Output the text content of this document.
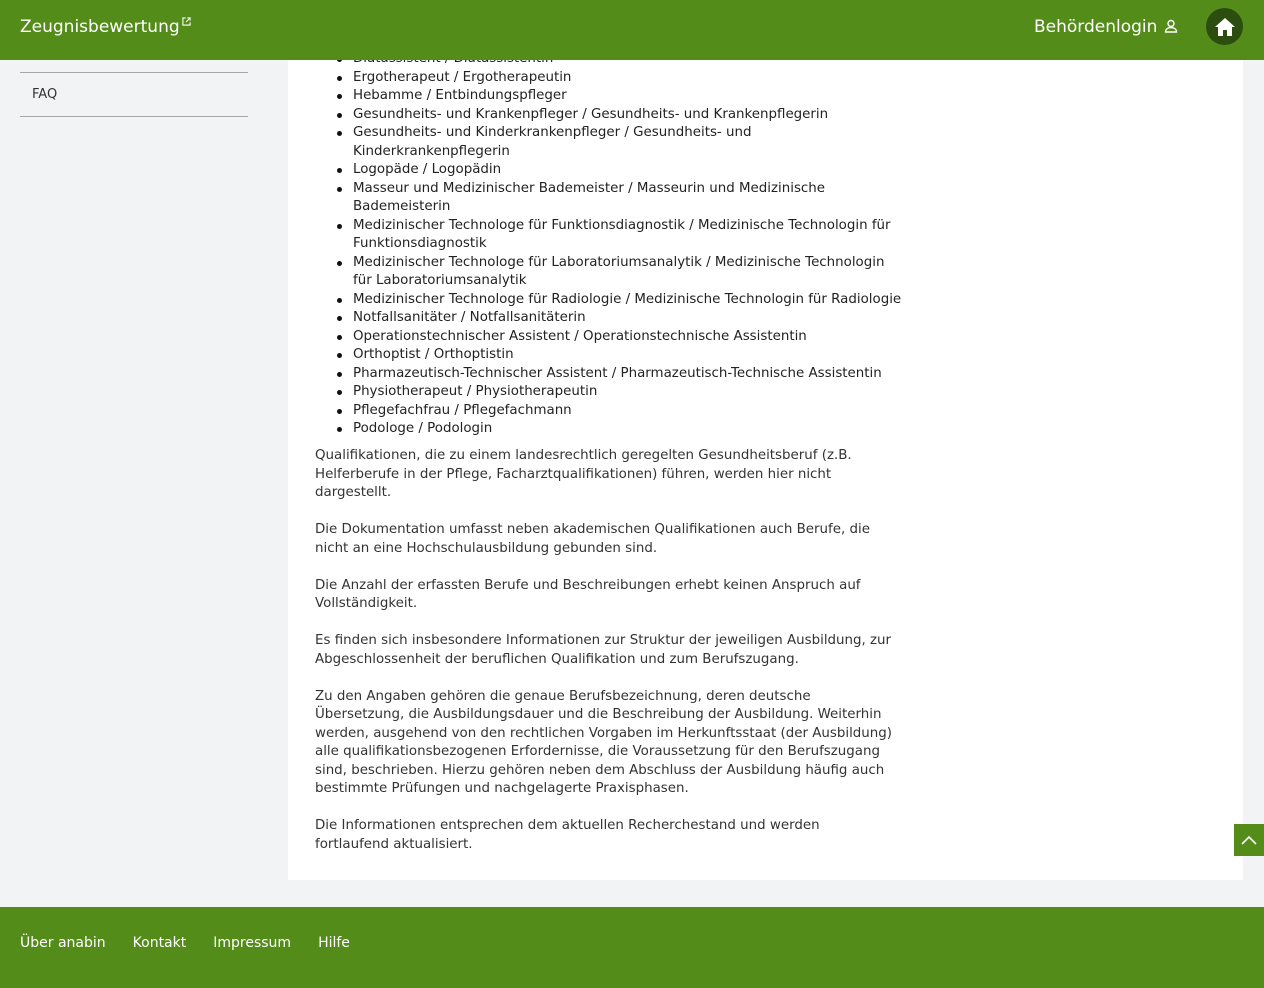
Ergotherapeut / Ergotherapeutin
Hebamme / Entbindungspfleger
Gesundheits- und Krankenpfleger / Gesundheits- und Krankenpflegerin
Gesundheits- und Kinderkrankenpfleger / Gesundheits- und Kinderkrankenpflegerin
Logopäde / Logopädin
Masseur und Medizinischer Bademeister / Masseurin und Medizinische Bademeisterin
Medizinischer Technologe für Funktionsdiagnostik / Medizinische Technologin für Funktionsdiagnostik
Medizinischer Technologe für Laboratoriumsanalytik / Medizinische Technologin für Laboratoriumsanalytik
Medizinischer Technologe für Radiologie / Medizinische Technologin für Radiologie
Notfallsanitäter / Notfallsanitäterin
Operationstechnischer Assistent / Operationstechnische Assistentin
Orthoptist / Orthoptistin
Pharmazeutisch-Technischer Assistent / Pharmazeutisch-Technische Assistentin
Physiotherapeut / Physiotherapeutin
Pflegefachfrau / Pflegefachmann
Podologe / Podologin

Qualifikationen, die zu einem landesrechtlich geregelten Gesundheitsberuf (z.B. Helferberufe in der Pflege, Facharztqualifikationen) führen, werden hier nicht dargestellt.

Die Dokumentation umfasst neben akademischen Qualifikationen auch Berufe, die nicht an eine Hochschulausbildung gebunden sind.

Die Anzahl der erfassten Berufe und Beschreibungen erhebt keinen Anspruch auf Vollständigkeit.

Es finden sich insbesondere Informationen zur Struktur der jeweiligen Ausbildung, zur Abgeschlossenheit der beruflichen Qualifikation und zum Berufszugang.

Zu den Angaben gehören die genaue Berufsbezeichnung, deren deutsche Übersetzung, die Ausbildungsdauer und die Beschreibung der Ausbildung. Weiterhin werden, ausgehend von den rechtlichen Vorgaben im Herkunftsstaat (der Ausbildung) alle qualifikationsbezogenen Erfordernisse, die Voraussetzung für den Berufszugang sind, beschrieben. Hierzu gehören neben dem Abschluss der Ausbildung häufig auch bestimmte Prüfungen und nachgelagerte Praxisphasen.

Die Informationen entsprechen dem aktuellen Recherchestand und werden fortlaufend aktualisiert.

Zeugnisbewertung	Behördenlogin
FAQ
Über anabin Kontakt Impressum Hilfe
